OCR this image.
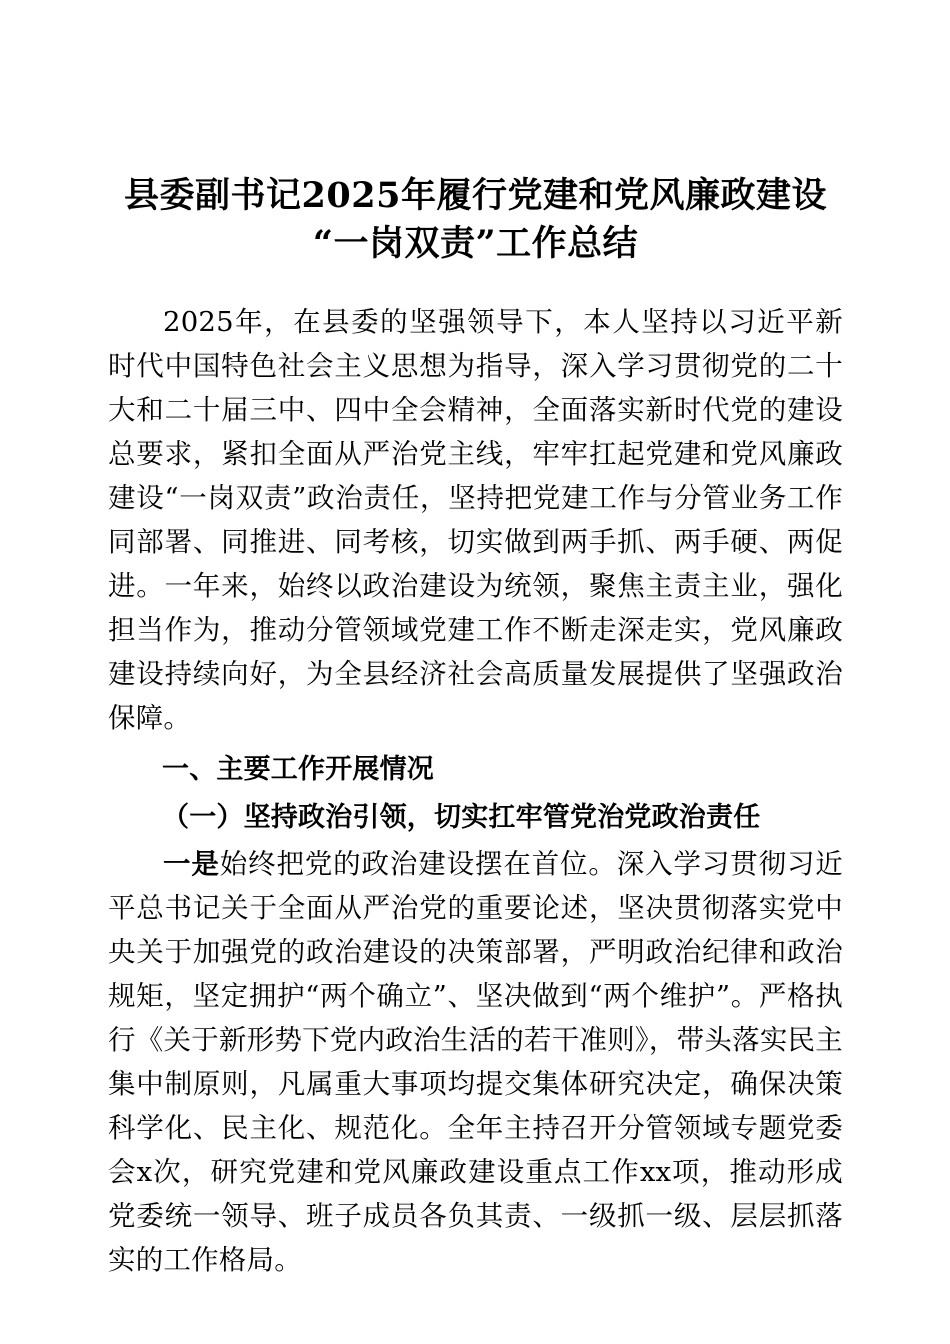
县委副书记2025年履行党建和党风廉政建设“一岗双责”工作总结

2025年，在县委的坚强领导下，本人坚持以习近平新时代中国特色社会主义思想为指导，深入学习贯彻党的二十大和二十届三中、四中全会精神，全面落实新时代党的建设总要求，紧扣全面从严治党主线，牢牢扛起党建和党风廉政建设“一岗双责”政治责任，坚持把党建工作与分管业务工作同部署、同推进、同考核，切实做到两手抓、两手硬、两促进。一年来，始终以政治建设为统领，聚焦主责主业，强化担当作为，推动分管领域党建工作不断走深走实，党风廉政建设持续向好，为全县经济社会高质量发展提供了坚强政治保障。

一、主要工作开展情况
（一）坚持政治引领，切实扛牢管党治党政治责任

一是始终把党的政治建设摆在首位。深入学习贯彻习近平总书记关于全面从严治党的重要论述，坚决贯彻落实党中央关于加强党的政治建设的决策部署，严明政治纪律和政治规矩，坚定拥护“两个确立”、坚决做到“两个维护”。严格执行《关于新形势下党内政治生活的若干准则》，带头落实民主集中制原则，凡属重大事项均提交集体研究决定，确保决策科学化、民主化、规范化。全年主持召开分管领域专题党委会x次，研究党建和党风廉政建设重点工作xx项，推动形成党委统一领导、班子成员各负其责、一级抓一级、层层抓落实的工作格局。
